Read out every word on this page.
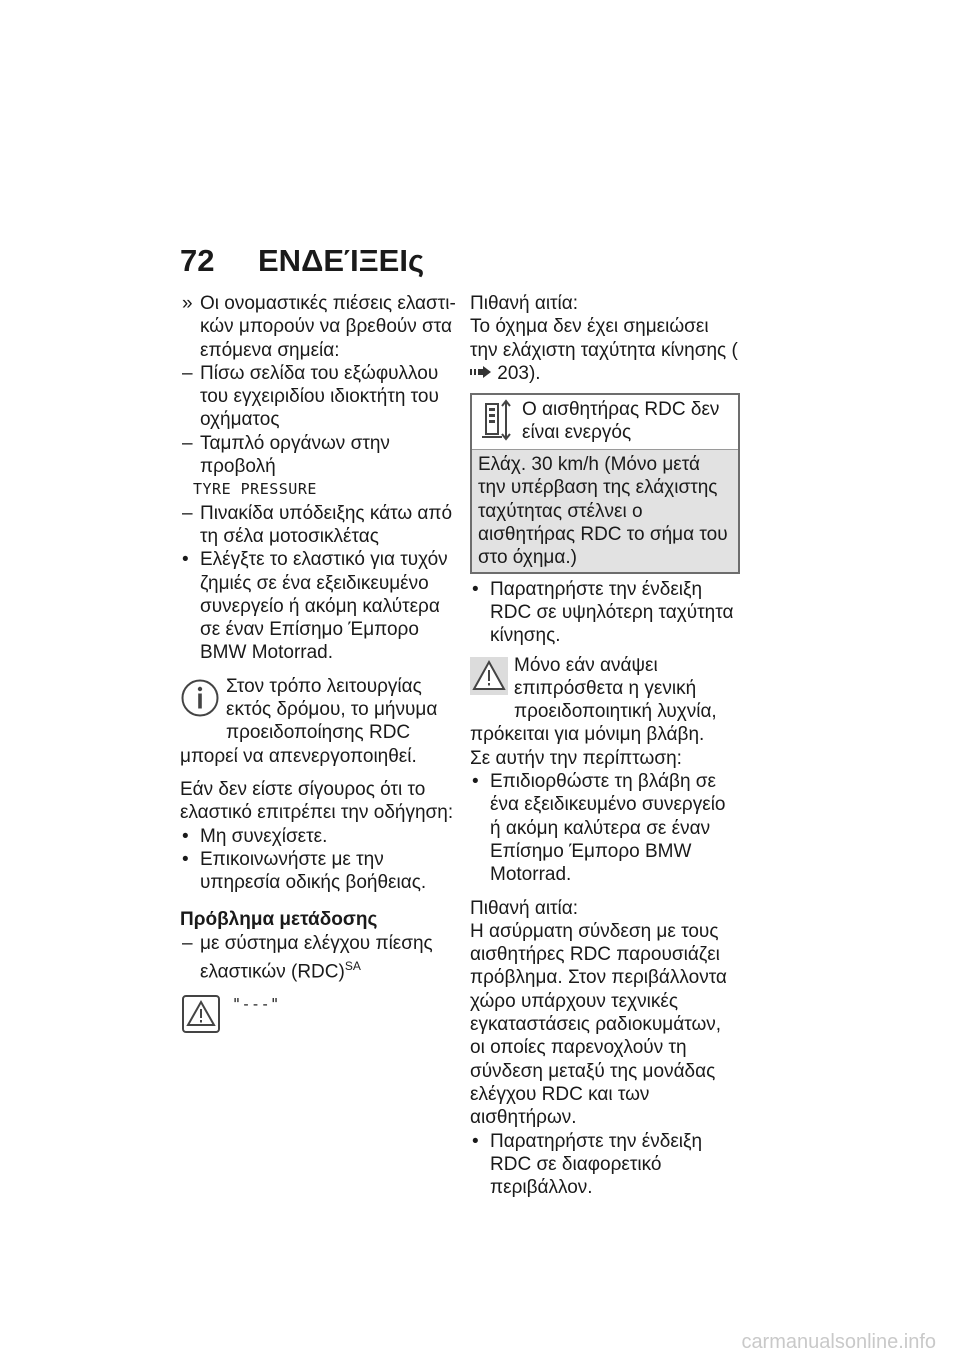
72 ΕΝΔΕΊΞΕΙς

» Οι ονομαστικές πιέσεις ελαστικών μπορούν να βρεθούν στα επόμενα σημεία:

– Πίσω σελίδα του εξώφυλλου του εγχειριδίου ιδιοκτήτη του οχήματος

– Ταμπλό οργάνων στην προβολή

TYRE PRESSURE

– Πινακίδα υπόδειξης κάτω από τη σέλα μοτοσικλέτας

• Ελέγξτε το ελαστικό για τυχόν ζημιές σε ένα εξειδικευμένο συνεργείο ή ακόμη καλύτερα σε έναν Επίσημο Έμπορο BMW Motorrad.

Στον τρόπο λειτουργίας εκτός δρόμου, το μήνυμα προειδοποίησης RDC μπορεί να απενεργοποιηθεί.

Εάν δεν είστε σίγουρος ότι το ελαστικό επιτρέπει την οδήγηση:

• Μη συνεχίσετε.

• Επικοινωνήστε με την υπηρεσία οδικής βοήθειας.

Πρόβλημα μετάδοσης

– με σύστημα ελέγχου πίεσης ελαστικών (RDC)$^{SA}$

"---"

Πιθανή αιτία:

Το όχημα δεν έχει σημειώσει την ελάχιστη ταχύτητα κίνησης ( 203).

Ο αισθητήρας RDC δεν είναι ενεργός
Ελάχ. 30 km/h (Μόνο μετά την υπέρβαση της ελάχιστης ταχύτητας στέλνει ο αισθητήρας RDC το σήμα του στο όχημα.)

• Παρατηρήστε την ένδειξη RDC σε υψηλότερη ταχύτητα κίνησης.

Μόνο εάν ανάψει επιπρόσθετα η γενική προειδοποιητική λυχνία, πρόκειται για μόνιμη βλάβη.

Σε αυτήν την περίπτωση:

• Επιδιορθώστε τη βλάβη σε ένα εξειδικευμένο συνεργείο ή ακόμη καλύτερα σε έναν Επίσημο Έμπορο BMW Motorrad.

Πιθανή αιτία:

Η ασύρματη σύνδεση με τους αισθητήρες RDC παρουσιάζει πρόβλημα. Στον περιβάλλοντα χώρο υπάρχουν τεχνικές εγκαταστάσεις ραδιοκυμάτων, οι οποίες παρενοχλούν τη σύνδεση μεταξύ της μονάδας ελέγχου RDC και των αισθητήρων.

• Παρατηρήστε την ένδειξη RDC σε διαφορετικό περιβάλλον.

carmanualsonline.info
